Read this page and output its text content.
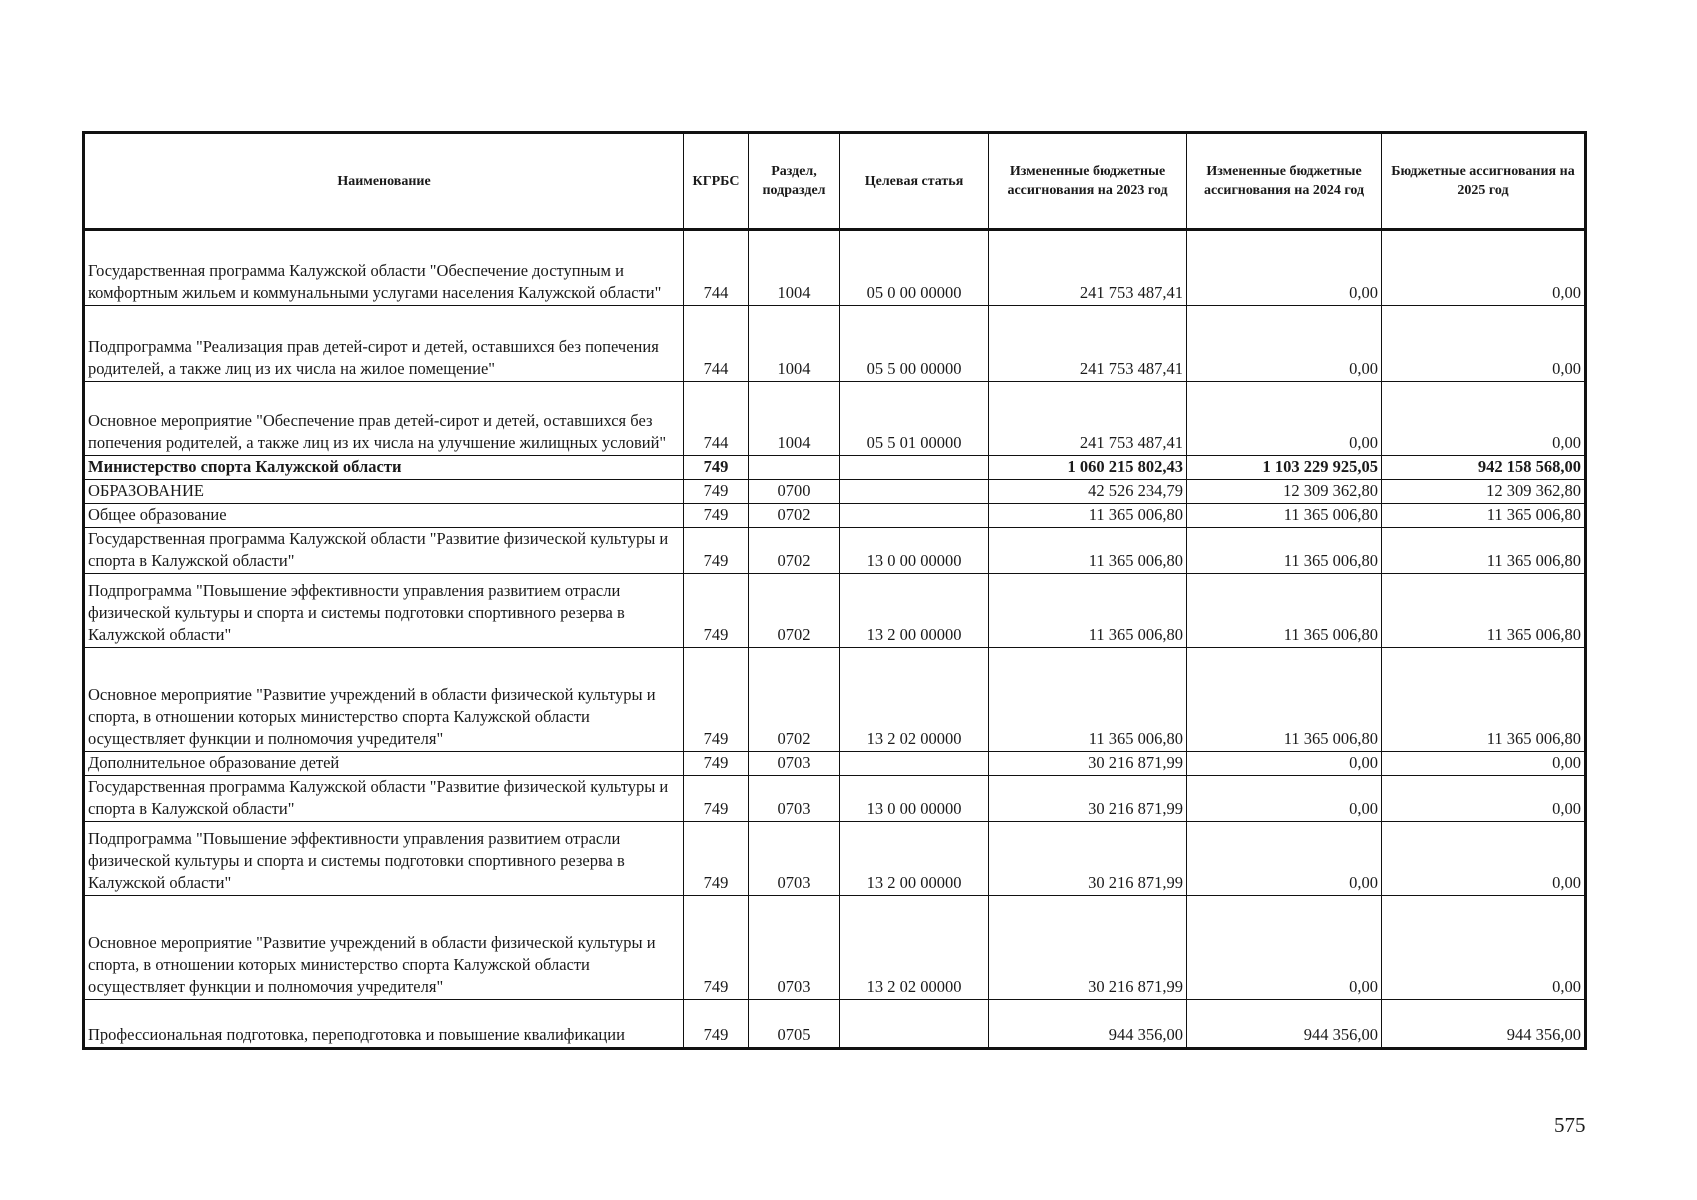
Наименование	КГРБС	Раздел, подраздел	Целевая статья	Измененные бюджетные ассигнования на 2023 год	Измененные бюджетные ассигнования на 2024 год	Бюджетные ассигнования на 2025 год
Государственная программа Калужской области "Обеспечение доступным и комфортным жильем и коммунальными услугами населения Калужской области"	744	1004	05 0 00 00000	241 753 487,41	0,00	0,00
Подпрограмма "Реализация прав детей-сирот и детей, оставшихся без попечения родителей, а также лиц из их числа на жилое помещение"	744	1004	05 5 00 00000	241 753 487,41	0,00	0,00
Основное мероприятие "Обеспечение прав детей-сирот и детей, оставшихся без попечения родителей, а также лиц из их числа на улучшение жилищных условий"	744	1004	05 5 01 00000	241 753 487,41	0,00	0,00
Министерство спорта Калужской области	749			1 060 215 802,43	1 103 229 925,05	942 158 568,00
ОБРАЗОВАНИЕ	749	0700		42 526 234,79	12 309 362,80	12 309 362,80
Общее образование	749	0702		11 365 006,80	11 365 006,80	11 365 006,80
Государственная программа Калужской области "Развитие физической культуры и спорта в Калужской области"	749	0702	13 0 00 00000	11 365 006,80	11 365 006,80	11 365 006,80
Подпрограмма "Повышение эффективности управления развитием отрасли физической культуры и спорта и системы подготовки спортивного резерва в Калужской области"	749	0702	13 2 00 00000	11 365 006,80	11 365 006,80	11 365 006,80
Основное мероприятие "Развитие учреждений в области физической культуры и спорта, в отношении которых министерство спорта Калужской области осуществляет функции и полномочия учредителя"	749	0702	13 2 02 00000	11 365 006,80	11 365 006,80	11 365 006,80
Дополнительное образование детей	749	0703		30 216 871,99	0,00	0,00
Государственная программа Калужской области "Развитие физической культуры и спорта в Калужской области"	749	0703	13 0 00 00000	30 216 871,99	0,00	0,00
Подпрограмма "Повышение эффективности управления развитием отрасли физической культуры и спорта и системы подготовки спортивного резерва в Калужской области"	749	0703	13 2 00 00000	30 216 871,99	0,00	0,00
Основное мероприятие "Развитие учреждений в области физической культуры и спорта, в отношении которых министерство спорта Калужской области осуществляет функции и полномочия учредителя"	749	0703	13 2 02 00000	30 216 871,99	0,00	0,00
Профессиональная подготовка, переподготовка и повышение квалификации	749	0705		944 356,00	944 356,00	944 356,00
575
